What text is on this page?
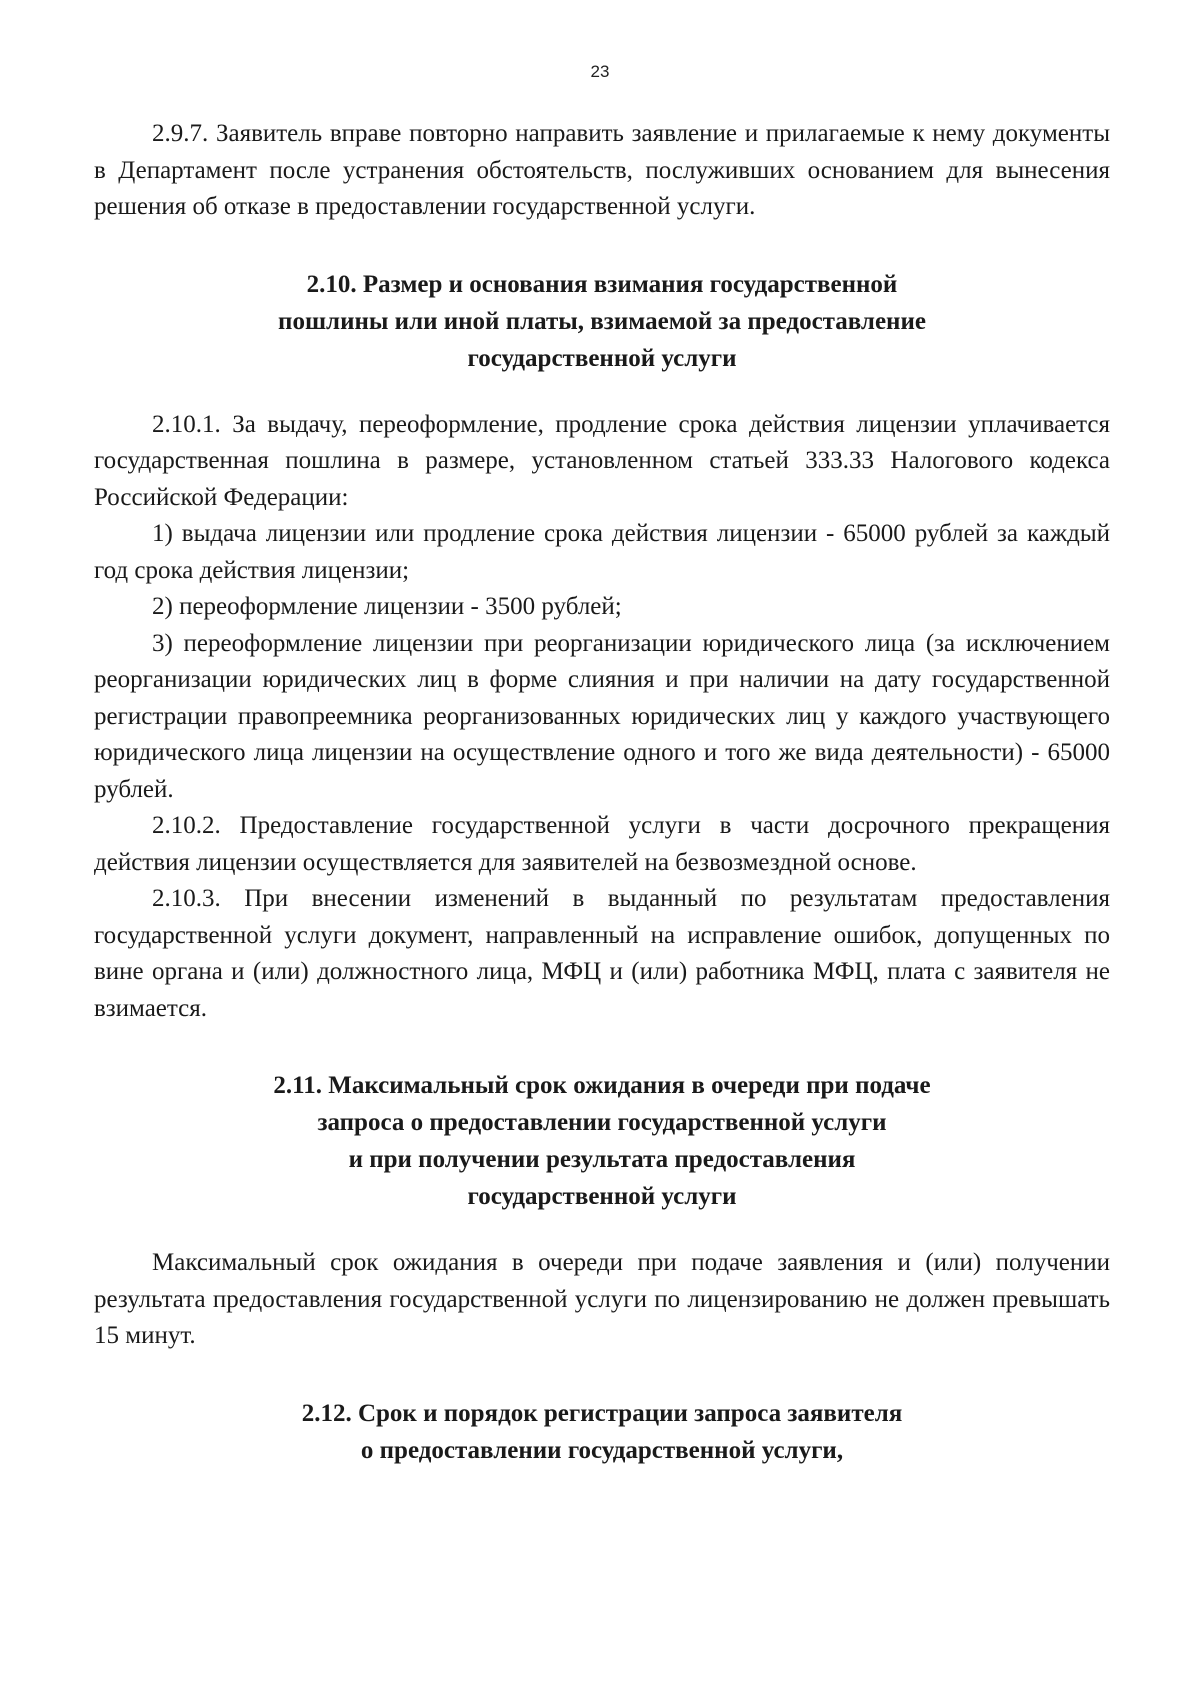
23

2.9.7. Заявитель вправе повторно направить заявление и прилагаемые к нему документы в Департамент после устранения обстоятельств, послуживших основанием для вынесения решения об отказе в предоставлении государственной услуги.

2.10. Размер и основания взимания государственной
пошлины или иной платы, взимаемой за предоставление
государственной услуги

2.10.1. За выдачу, переоформление, продление срока действия лицензии уплачивается государственная пошлина в размере, установленном статьей 333.33 Налогового кодекса Российской Федерации:

1) выдача лицензии или продление срока действия лицензии - 65000 рублей за каждый год срока действия лицензии;

2) переоформление лицензии - 3500 рублей;

3) переоформление лицензии при реорганизации юридического лица (за исключением реорганизации юридических лиц в форме слияния и при наличии на дату государственной регистрации правопреемника реорганизованных юридических лиц у каждого участвующего юридического лица лицензии на осуществление одного и того же вида деятельности) - 65000 рублей.

2.10.2. Предоставление государственной услуги в части досрочного прекращения действия лицензии осуществляется для заявителей на безвозмездной основе.

2.10.3. При внесении изменений в выданный по результатам предоставления государственной услуги документ, направленный на исправление ошибок, допущенных по вине органа и (или) должностного лица, МФЦ и (или) работника МФЦ, плата с заявителя не взимается.

2.11. Максимальный срок ожидания в очереди при подаче
запроса о предоставлении государственной услуги
и при получении результата предоставления
государственной услуги

Максимальный срок ожидания в очереди при подаче заявления и (или) получении результата предоставления государственной услуги по лицензированию не должен превышать 15 минут.

2.12. Срок и порядок регистрации запроса заявителя
о предоставлении государственной услуги,
